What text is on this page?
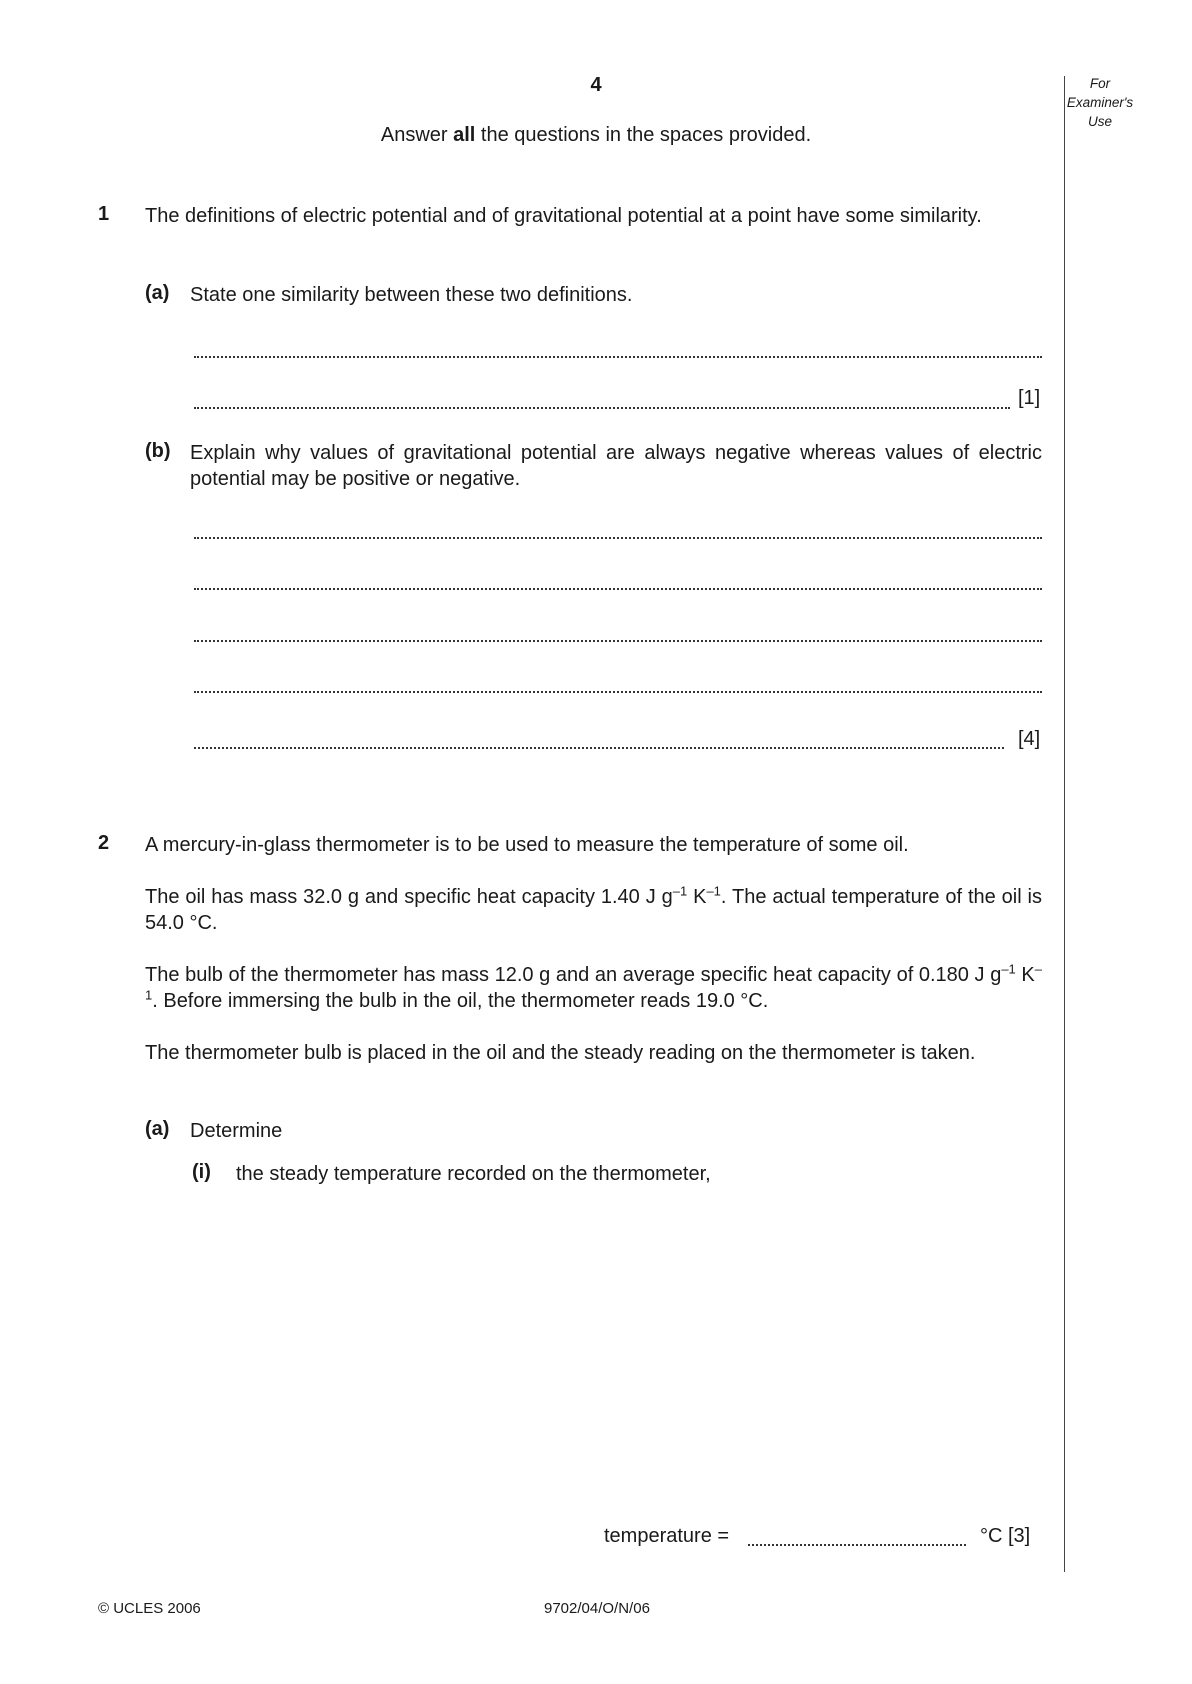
4
Answer all the questions in the spaces provided.
For
Examiner's
Use
1 The definitions of electric potential and of gravitational potential at a point have some similarity.
(a) State one similarity between these two definitions.
[1]
(b) Explain why values of gravitational potential are always negative whereas values of electric potential may be positive or negative.
[4]
2 A mercury-in-glass thermometer is to be used to measure the temperature of some oil.
The oil has mass 32.0 g and specific heat capacity 1.40 J $g^{-1}$ $K^{-1}$. The actual temperature of the oil is 54.0 °C.
The bulb of the thermometer has mass 12.0 g and an average specific heat capacity of 0.180 J $g^{-1}$ $K^{-1}$. Before immersing the bulb in the oil, the thermometer reads 19.0 °C.
The thermometer bulb is placed in the oil and the steady reading on the thermometer is taken.
(a) Determine
(i) the steady temperature recorded on the thermometer,
temperature =	°C [3]
© UCLES 2006	9702/04/O/N/06
